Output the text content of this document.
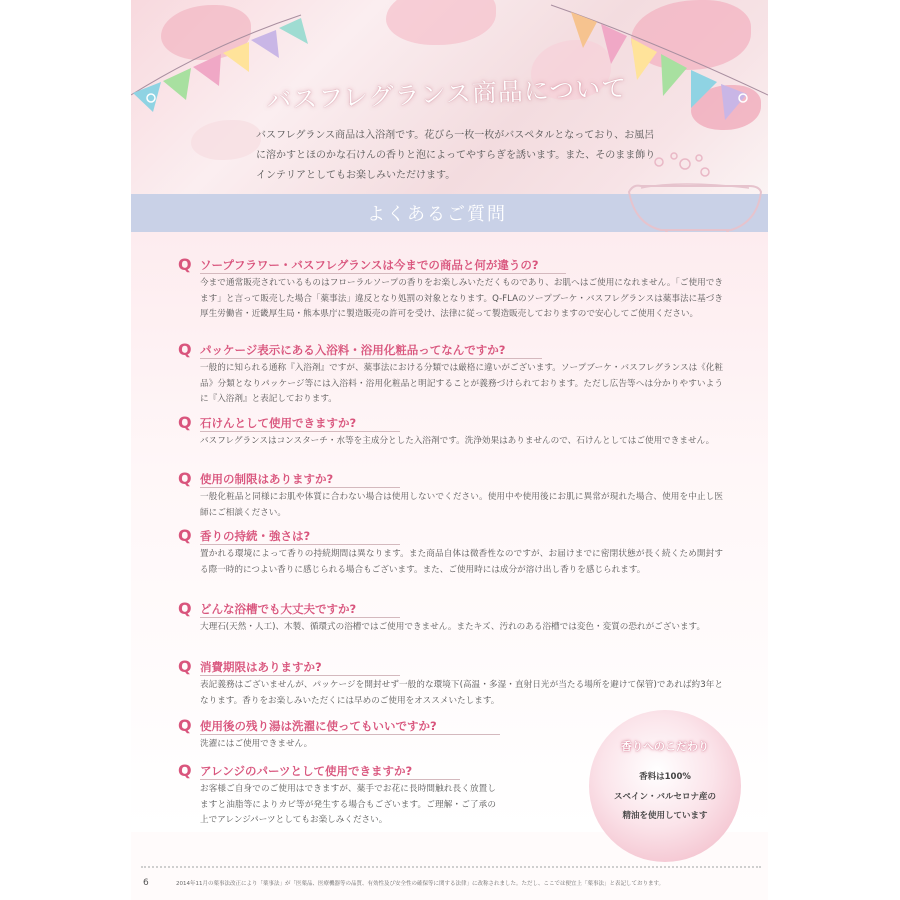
バスフレグランス商品について

バスフレグランス商品は入浴剤です。花びら一枚一枚がバスペタルとなっており、お風呂に溶かすとほのかな石けんの香りと泡によってやすらぎを誘います。また、そのまま飾りインテリアとしてもお楽しみいただけます。

よくあるご質問
Q ソープフラワー・バスフレグランスは今までの商品と何が違うの?
今まで通常販売されているものはフローラルソープの香りをお楽しみいただくものであり、お肌へはご使用になれません。「ご使用できます」と言って販売した場合「薬事法」違反となり処罰の対象となります。Q-FLAのソープブーケ・バスフレグランスは薬事法に基づき厚生労働省・近畿厚生局・熊本県庁に製造販売の許可を受け、法律に従って製造販売しておりますので安心してご使用ください。
Q パッケージ表示にある入浴料・浴用化粧品ってなんですか?
一般的に知られる通称『入浴剤』ですが、薬事法における分類では厳格に違いがございます。ソープブーケ・バスフレグランスは《化粧品》分類となりパッケージ等には入浴料・浴用化粧品と明記することが義務づけられております。ただし広告等へは分かりやすいように『入浴剤』と表記しております。
Q 石けんとして使用できますか?
バスフレグランスはコンスターチ・水等を主成分とした入浴剤です。洗浄効果はありませんので、石けんとしてはご使用できません。
Q 使用の制限はありますか?
一般化粧品と同様にお肌や体質に合わない場合は使用しないでください。使用中や使用後にお肌に異常が現れた場合、使用を中止し医師にご相談ください。
Q 香りの持続・強さは?
置かれる環境によって香りの持続期間は異なります。また商品自体は微香性なのですが、お届けまでに密閉状態が長く続くため開封する際一時的につよい香りに感じられる場合もございます。また、ご使用時には成分が溶け出し香りを感じられます。
Q どんな浴槽でも大丈夫ですか?
大理石(天然・人工)、木製、循環式の浴槽ではご使用できません。またキズ、汚れのある浴槽では変色・変質の恐れがございます。
Q 消費期限はありますか?
表記義務はございませんが、パッケージを開封せず一般的な環境下(高温・多湿・直射日光が当たる場所を避けて保管)であれば約3年となります。香りをお楽しみいただくには早めのご使用をオススメいたします。
Q 使用後の残り湯は洗濯に使ってもいいですか?
洗濯にはご使用できません。
Q アレンジのパーツとして使用できますか?
お客様ご自身でのご使用はできますが、薬手でお花に長時間触れ長く放置しますと油脂等によりカビ等が発生する場合もございます。ご理解・ご了承の上でアレンジパーツとしてもお楽しみください。
香りへのこだわり
香料は100%
スペイン・バルセロナ産の
精油を使用しています
6	2014年11月の薬事法改正により「薬事法」が「医薬品、医療機器等の品質、有効性及び安全性の確保等に関する法律」に改称されました。ただし、ここでは便宜上「薬事法」と表記しております。
